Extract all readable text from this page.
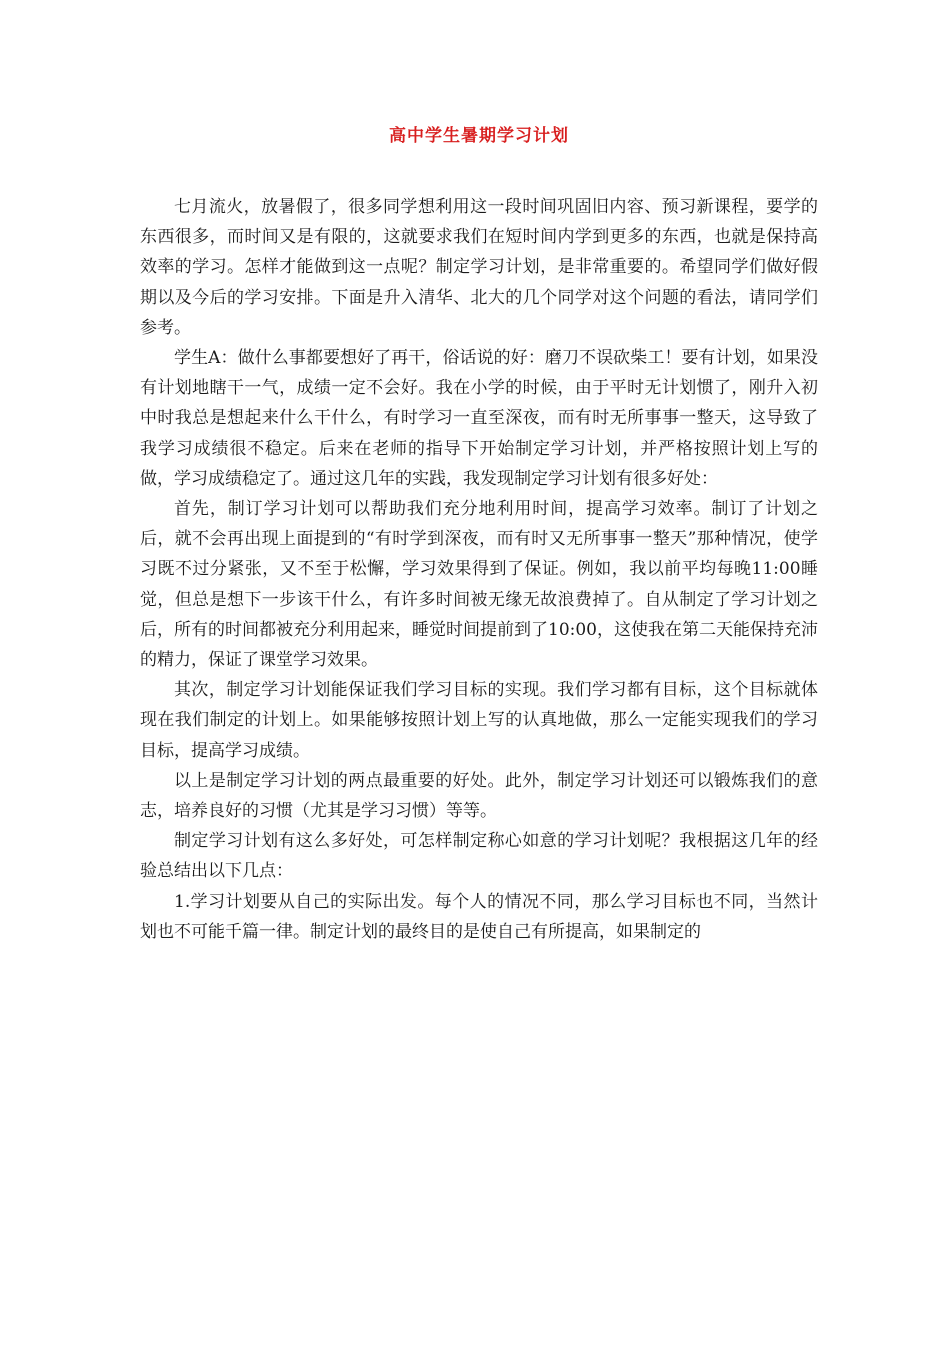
高中学生暑期学习计划

七月流火，放暑假了，很多同学想利用这一段时间巩固旧内容、预习新课程，要学的东西很多，而时间又是有限的，这就要求我们在短时间内学到更多的东西，也就是保持高效率的学习。怎样才能做到这一点呢？制定学习计划，是非常重要的。希望同学们做好假期以及今后的学习安排。下面是升入清华、北大的几个同学对这个问题的看法，请同学们参考。

学生A：做什么事都要想好了再干，俗话说的好：磨刀不误砍柴工！要有计划，如果没有计划地瞎干一气，成绩一定不会好。我在小学的时候，由于平时无计划惯了，刚升入初中时我总是想起来什么干什么，有时学习一直至深夜，而有时无所事事一整天，这导致了我学习成绩很不稳定。后来在老师的指导下开始制定学习计划，并严格按照计划上写的做，学习成绩稳定了。通过这几年的实践，我发现制定学习计划有很多好处：

首先，制订学习计划可以帮助我们充分地利用时间，提高学习效率。制订了计划之后，就不会再出现上面提到的“有时学到深夜，而有时又无所事事一整天”那种情况，使学习既不过分紧张，又不至于松懈，学习效果得到了保证。例如，我以前平均每晚11:00睡觉，但总是想下一步该干什么，有许多时间被无缘无故浪费掉了。自从制定了学习计划之后，所有的时间都被充分利用起来，睡觉时间提前到了10:00，这使我在第二天能保持充沛的精力，保证了课堂学习效果。

其次，制定学习计划能保证我们学习目标的实现。我们学习都有目标，这个目标就体现在我们制定的计划上。如果能够按照计划上写的认真地做，那么一定能实现我们的学习目标，提高学习成绩。

以上是制定学习计划的两点最重要的好处。此外，制定学习计划还可以锻炼我们的意志，培养良好的习惯（尤其是学习习惯）等等。

制定学习计划有这么多好处，可怎样制定称心如意的学习计划呢？我根据这几年的经验总结出以下几点：

1.学习计划要从自己的实际出发。每个人的情况不同，那么学习目标也不同，当然计划也不可能千篇一律。制定计划的最终目的是使自己有所提高，如果制定的
